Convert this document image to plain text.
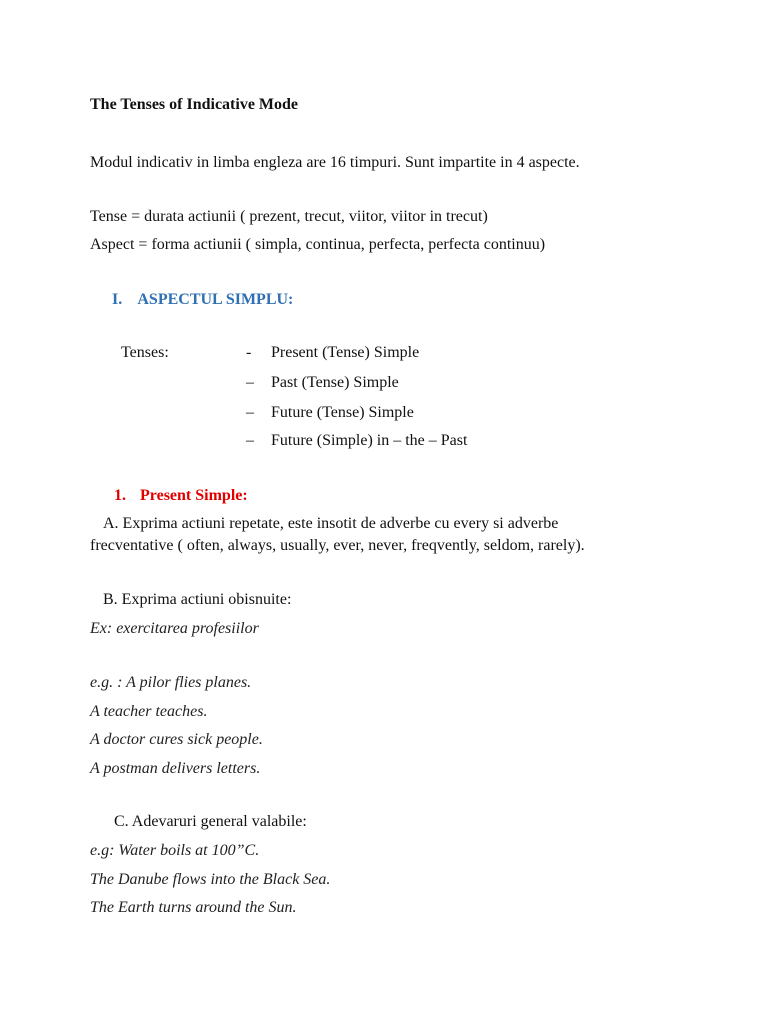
The Tenses of Indicative Mode
Modul indicativ in limba engleza are 16 timpuri. Sunt impartite in 4 aspecte.
Tense = durata actiunii ( prezent, trecut, viitor, viitor in trecut)
Aspect = forma actiunii ( simpla, continua, perfecta, perfecta continuu)
I. ASPECTUL SIMPLU:
Tenses:	-	Present (Tense) Simple
–	Past (Tense) Simple
–	Future (Tense) Simple
–	Future (Simple) in – the – Past
1. Present Simple:
A. Exprima actiuni repetate, este insotit de adverbe cu every si adverbe
frecventative ( often, always, usually, ever, never, freqvently, seldom, rarely).
B. Exprima actiuni obisnuite:
Ex: exercitarea profesiilor
e.g. : A pilor flies planes.
A teacher teaches.
A doctor cures sick people.
A postman delivers letters.
C. Adevaruri general valabile:
e.g: Water boils at 100”C.
The Danube flows into the Black Sea.
The Earth turns around the Sun.
